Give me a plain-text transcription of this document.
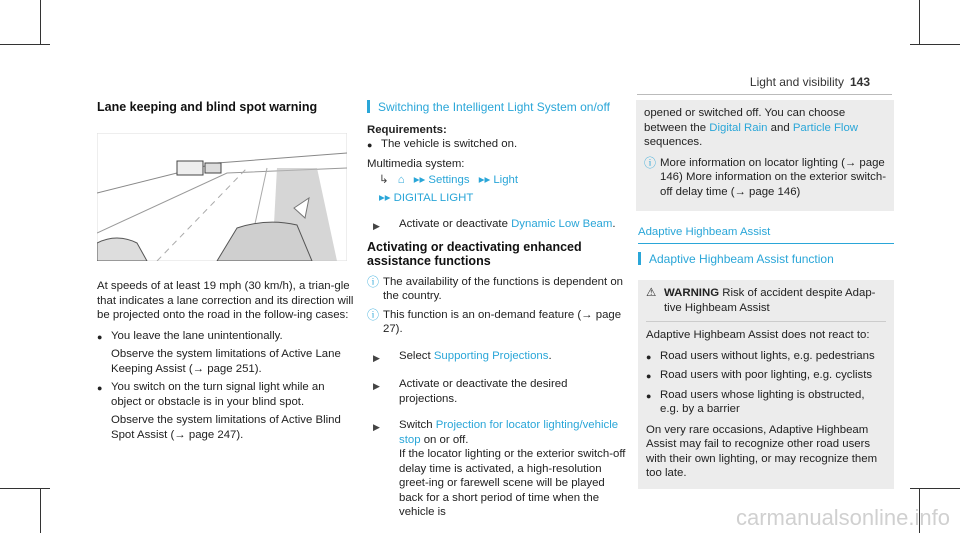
Light and visibility 143
Lane keeping and blind spot warning

At speeds of at least 19 mph (30 km/h), a trian-gle that indicates a lane correction and its direction will be projected onto the road in the follow-ing cases:

● You leave the lane unintentionally.
Observe the system limitations of Active Lane Keeping Assist (→ page 251).
● You switch on the turn signal light while an object or obstacle is in your blind spot.
Observe the system limitations of Active Blind Spot Assist (→ page 247).
Switching the Intelligent Light System on/off
Requirements:
● The vehicle is switched on.

Multimedia system:

↳ ⌂ ▸▸ Settings ▸▸ Light
▸▸ DIGITAL LIGHT
▶	Activate or deactivate Dynamic Low Beam.
Activating or deactivating enhanced assistance functions
ⓘ The availability of the functions is dependent on the country.
ⓘ This function is an on-demand feature (→ page 27).
▶	Select Supporting Projections.
▶	Activate or deactivate the desired projections.
▶	Switch Projection for locator lighting/vehicle stop on or off.
If the locator lighting or the exterior switch-off delay time is activated, a high-resolution greet-ing or farewell scene will be played back for a short period of time when the vehicle is
opened or switched off. You can choose between the Digital Rain and Particle Flow sequences.
ⓘ More information on locator lighting (→ page 146) More information on the exterior switch-off delay time (→ page 146)
Adaptive Highbeam Assist
Adaptive Highbeam Assist function
⚠ WARNING Risk of accident despite Adap-tive Highbeam Assist

Adaptive Highbeam Assist does not react to:

● Road users without lights, e.g. pedestrians
● Road users with poor lighting, e.g. cyclists
● Road users whose lighting is obstructed, e.g. by a barrier

On very rare occasions, Adaptive Highbeam Assist may fail to recognize other road users with their own lighting, or may recognize them too late.

carmanualsonline.info
